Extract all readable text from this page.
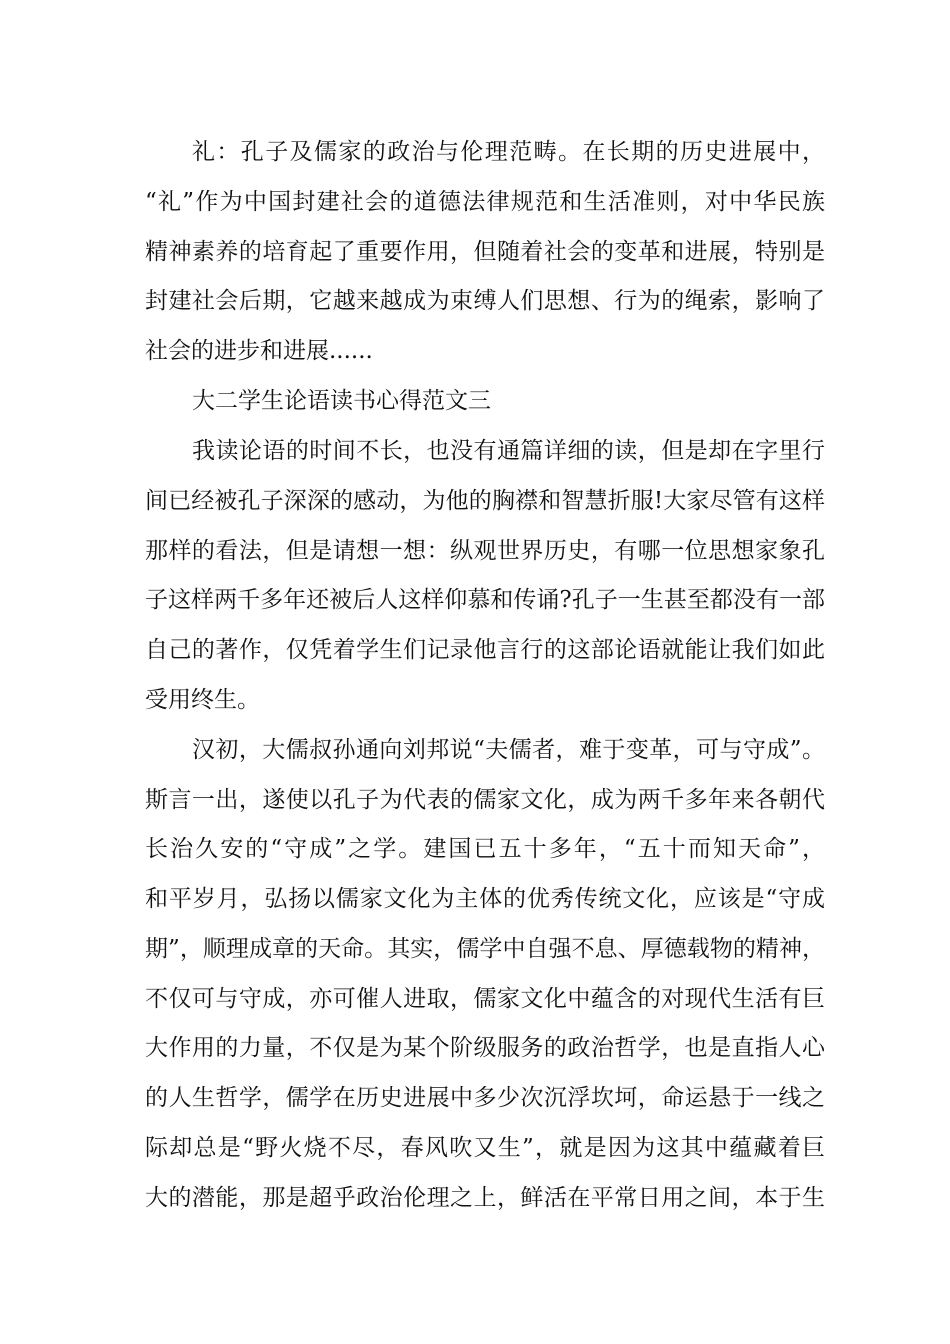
礼：孔子及儒家的政治与伦理范畴。在长期的历史进展中，

“礼”作为中国封建社会的道德法律规范和生活准则，对中华民族

精神素养的培育起了重要作用，但随着社会的变革和进展，特别是

封建社会后期，它越来越成为束缚人们思想、行为的绳索，影响了

社会的进步和进展......

大二学生论语读书心得范文三

我读论语的时间不长，也没有通篇详细的读，但是却在字里行

间已经被孔子深深的感动，为他的胸襟和智慧折服!大家尽管有这样

那样的看法，但是请想一想：纵观世界历史，有哪一位思想家象孔

子这样两千多年还被后人这样仰慕和传诵?孔子一生甚至都没有一部

自己的著作，仅凭着学生们记录他言行的这部论语就能让我们如此

受用终生。

汉初，大儒叔孙通向刘邦说“夫儒者，难于变革，可与守成”。

斯言一出，遂使以孔子为代表的儒家文化，成为两千多年来各朝代

长治久安的“守成”之学。建国已五十多年，“五十而知天命”，

和平岁月，弘扬以儒家文化为主体的优秀传统文化，应该是“守成

期”，顺理成章的天命。其实，儒学中自强不息、厚德载物的精神，

不仅可与守成，亦可催人进取，儒家文化中蕴含的对现代生活有巨

大作用的力量，不仅是为某个阶级服务的政治哲学，也是直指人心

的人生哲学，儒学在历史进展中多少次沉浮坎坷，命运悬于一线之

际却总是“野火烧不尽，春风吹又生”，就是因为这其中蕴藏着巨

大的潜能，那是超乎政治伦理之上，鲜活在平常日用之间，本于生
